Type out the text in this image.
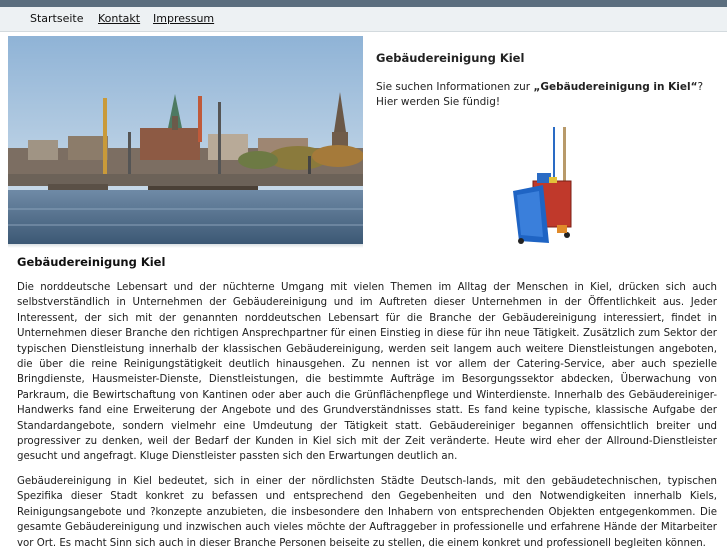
Startseite Kontakt Impressum
Gebäudereinigung Kiel
Sie suchen Informationen zur „Gebäudereinigung in Kiel“? Hier werden Sie fündig!
Gebäudereinigung Kiel
Die norddeutsche Lebensart und der nüchterne Umgang mit vielen Themen im Alltag der Menschen in Kiel, drücken sich auch selbstverständlich in Unternehmen der Gebäudereinigung und im Auftreten dieser Unternehmen in der Öffentlichkeit aus. Jeder Interessent, der sich mit der genannten norddeutschen Lebensart für die Branche der Gebäudereinigung interessiert, findet in Unternehmen dieser Branche den richtigen Ansprechpartner für einen Einstieg in diese für ihn neue Tätigkeit. Zusätzlich zum Sektor der typischen Dienstleistung innerhalb der klassischen Gebäudereinigung, werden seit langem auch weitere Dienstleistungen angeboten, die über die reine Reinigungstätigkeit deutlich hinausgehen. Zu nennen ist vor allem der Catering-Service, aber auch spezielle Bringdienste, Hausmeister-Dienste, Dienstleistungen, die bestimmte Aufträge im Besorgungssektor abdecken, Überwachung von Parkraum, die Bewirtschaftung von Kantinen oder aber auch die Grünflächenpflege und Winterdienste. Innerhalb des Gebäudereiniger-Handwerks fand eine Erweiterung der Angebote und des Grundverständnisses statt. Es fand keine typische, klassische Aufgabe der Standardangebote, sondern vielmehr eine Umdeutung der Tätigkeit statt. Gebäudereiniger begannen offensichtlich breiter und progressiver zu denken, weil der Bedarf der Kunden in Kiel sich mit der Zeit veränderte. Heute wird eher der Allround-Dienstleister gesucht und angefragt. Kluge Dienstleister passten sich den Erwartungen deutlich an.
Gebäudereinigung in Kiel bedeutet, sich in einer der nördlichsten Städte Deutsch-lands, mit den gebäudetechnischen, typischen Spezifika dieser Stadt konkret zu befassen und entsprechend den Gegebenheiten und den Notwendigkeiten innerhalb Kiels, Reinigungsangebote und ?konzepte anzubieten, die insbesondere den Inhabern von entsprechenden Objekten entgegenkommen. Die gesamte Gebäudereinigung und inzwischen auch vieles möchte der Auftraggeber in professionelle und erfahrene Hände der Mitarbeiter vor Ort. Es macht Sinn sich auch in dieser Branche Personen beiseite zu stellen, die einem konkret und professionell begleiten können.
